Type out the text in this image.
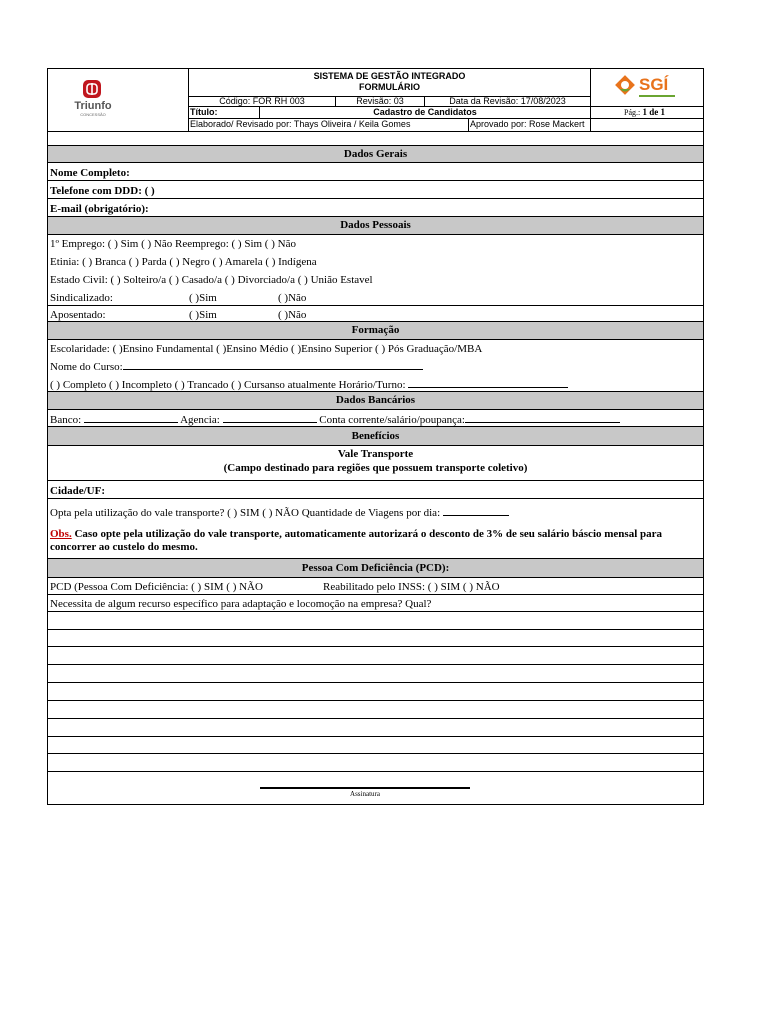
Triunfo
CONCESSÃO
SISTEMA DE GESTÃO INTEGRADO
FORMULÁRIO
Código: FOR RH 003	Revisão: 03	Data da Revisão: 17/08/2023
Título:	Cadastro de Candidatos	Pág.: 1 de 1
Elaborado/ Revisado por: Thays Oliveira / Keila Gomes	Aprovado por: Rose Mackert
SGÍ
Dados Gerais
Nome Completo:
Telefone com DDD: ( )
E-mail (obrigatório):
Dados Pessoais
1º Emprego: ( ) Sim ( ) Não Reemprego: ( ) Sim ( ) Não
Etinia: ( ) Branca ( ) Parda ( ) Negro ( ) Amarela ( ) Indígena
Estado Civil: ( ) Solteiro/a ( ) Casado/a ( ) Divorciado/a ( ) União Estavel
Sindicalizado:	( )Sim	( )Não
Aposentado:	( )Sim	( )Não
Formação
Escolaridade: ( )Ensino Fundamental ( )Ensino Médio ( )Ensino Superior ( ) Pós Graduação/MBA
Nome do Curso:
( ) Completo ( ) Incompleto ( ) Trancado ( ) Cursanso atualmente Horário/Turno:
Dados Bancários
Banco:	Agencia:	Conta corrente/salário/poupança:
Benefícios
Vale Transporte
(Campo destinado para regiões que possuem transporte coletivo)
Cidade/UF:
Opta pela utilização do vale transporte? ( ) SIM ( ) NÃO Quantidade de Viagens por dia:
Obs. Caso opte pela utilização do vale transporte, automaticamente autorizará o desconto de 3% de seu salário báscio mensal para concorrer ao custelo do mesmo.
Pessoa Com Deficiência (PCD):
PCD (Pessoa Com Deficiência: ( ) SIM ( ) NÃO	Reabilitado pelo INSS: ( ) SIM ( ) NÃO
Necessita de algum recurso específico para adaptação e locomoção na empresa? Qual?
Assinatura
